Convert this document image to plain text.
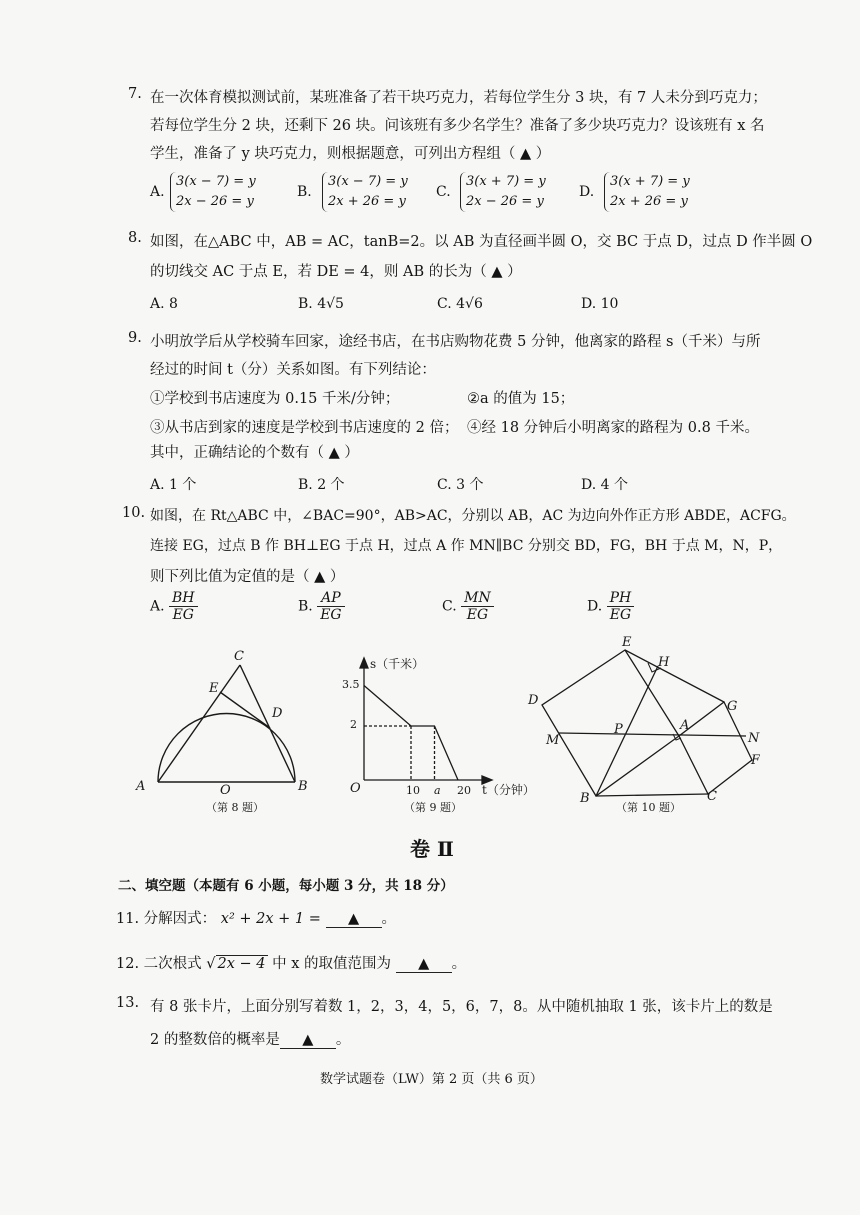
7. 在一次体育模拟测试前，某班准备了若干块巧克力，若每位学生分 3 块，有 7 人未分到巧克力；
若每位学生分 2 块，还剩下 26 块。问该班有多少名学生？准备了多少块巧克力？设该班有 x 名
学生，准备了 y 块巧克力，则根据题意，可列出方程组（ ▲ ）
A.
3(x − 7) = y
2x − 26 = y
B.
3(x − 7) = y
2x + 26 = y
C.
3(x + 7) = y
2x − 26 = y
D.
3(x + 7) = y
2x + 26 = y
8. 如图，在△ABC 中，AB = AC，tanB=2。以 AB 为直径画半圆 O，交 BC 于点 D，过点 D 作半圆 O
的切线交 AC 于点 E，若 DE = 4，则 AB 的长为（ ▲ ）
A. 8	B. 4√5	C. 4√6	D. 10
9. 小明放学后从学校骑车回家，途经书店，在书店购物花费 5 分钟，他离家的路程 s（千米）与所
经过的时间 t（分）关系如图。有下列结论：
①学校到书店速度为 0.15 千米/分钟；	②a 的值为 15；
③从书店到家的速度是学校到书店速度的 2 倍； ④经 18 分钟后小明离家的路程为 0.8 千米。
其中，正确结论的个数有（ ▲ ）
A. 1 个	B. 2 个	C. 3 个	D. 4 个
10. 如图，在 Rt△ABC 中，∠BAC=90°，AB>AC，分别以 AB，AC 为边向外作正方形 ABDE，ACFG。
连接 EG，过点 B 作 BH⊥EG 于点 H，过点 A 作 MN∥BC 分别交 BD，FG，BH 于点 M，N，P，
则下列比值为定值的是（ ▲ ）
A. $\frac{BH}{EG}$	B. $\frac{AP}{EG}$	C. $\frac{MN}{EG}$	D. $\frac{PH}{EG}$
C
E
D
A	B
O
（第 8 题）
s（千米）
3.5
2
O	10 a 20 t（分钟）
（第 9 题）
E
H
D	G
P	A
M	N
F
B	C
（第 10 题）
卷 Ⅱ
二、填空题（本题有 6 小题，每小题 3 分，共 18 分）
11. 分解因式： x² + 2x + 1 = ▲ 。
12. 二次根式 √ 2x − 4 中 x 的取值范围为 ▲ 。
13. 有 8 张卡片，上面分别写着数 1，2，3，4，5，6，7，8。从中随机抽取 1 张，该卡片上的数是
2 的整数倍的概率是 ▲ 。
数学试题卷（LW）第 2 页（共 6 页）
